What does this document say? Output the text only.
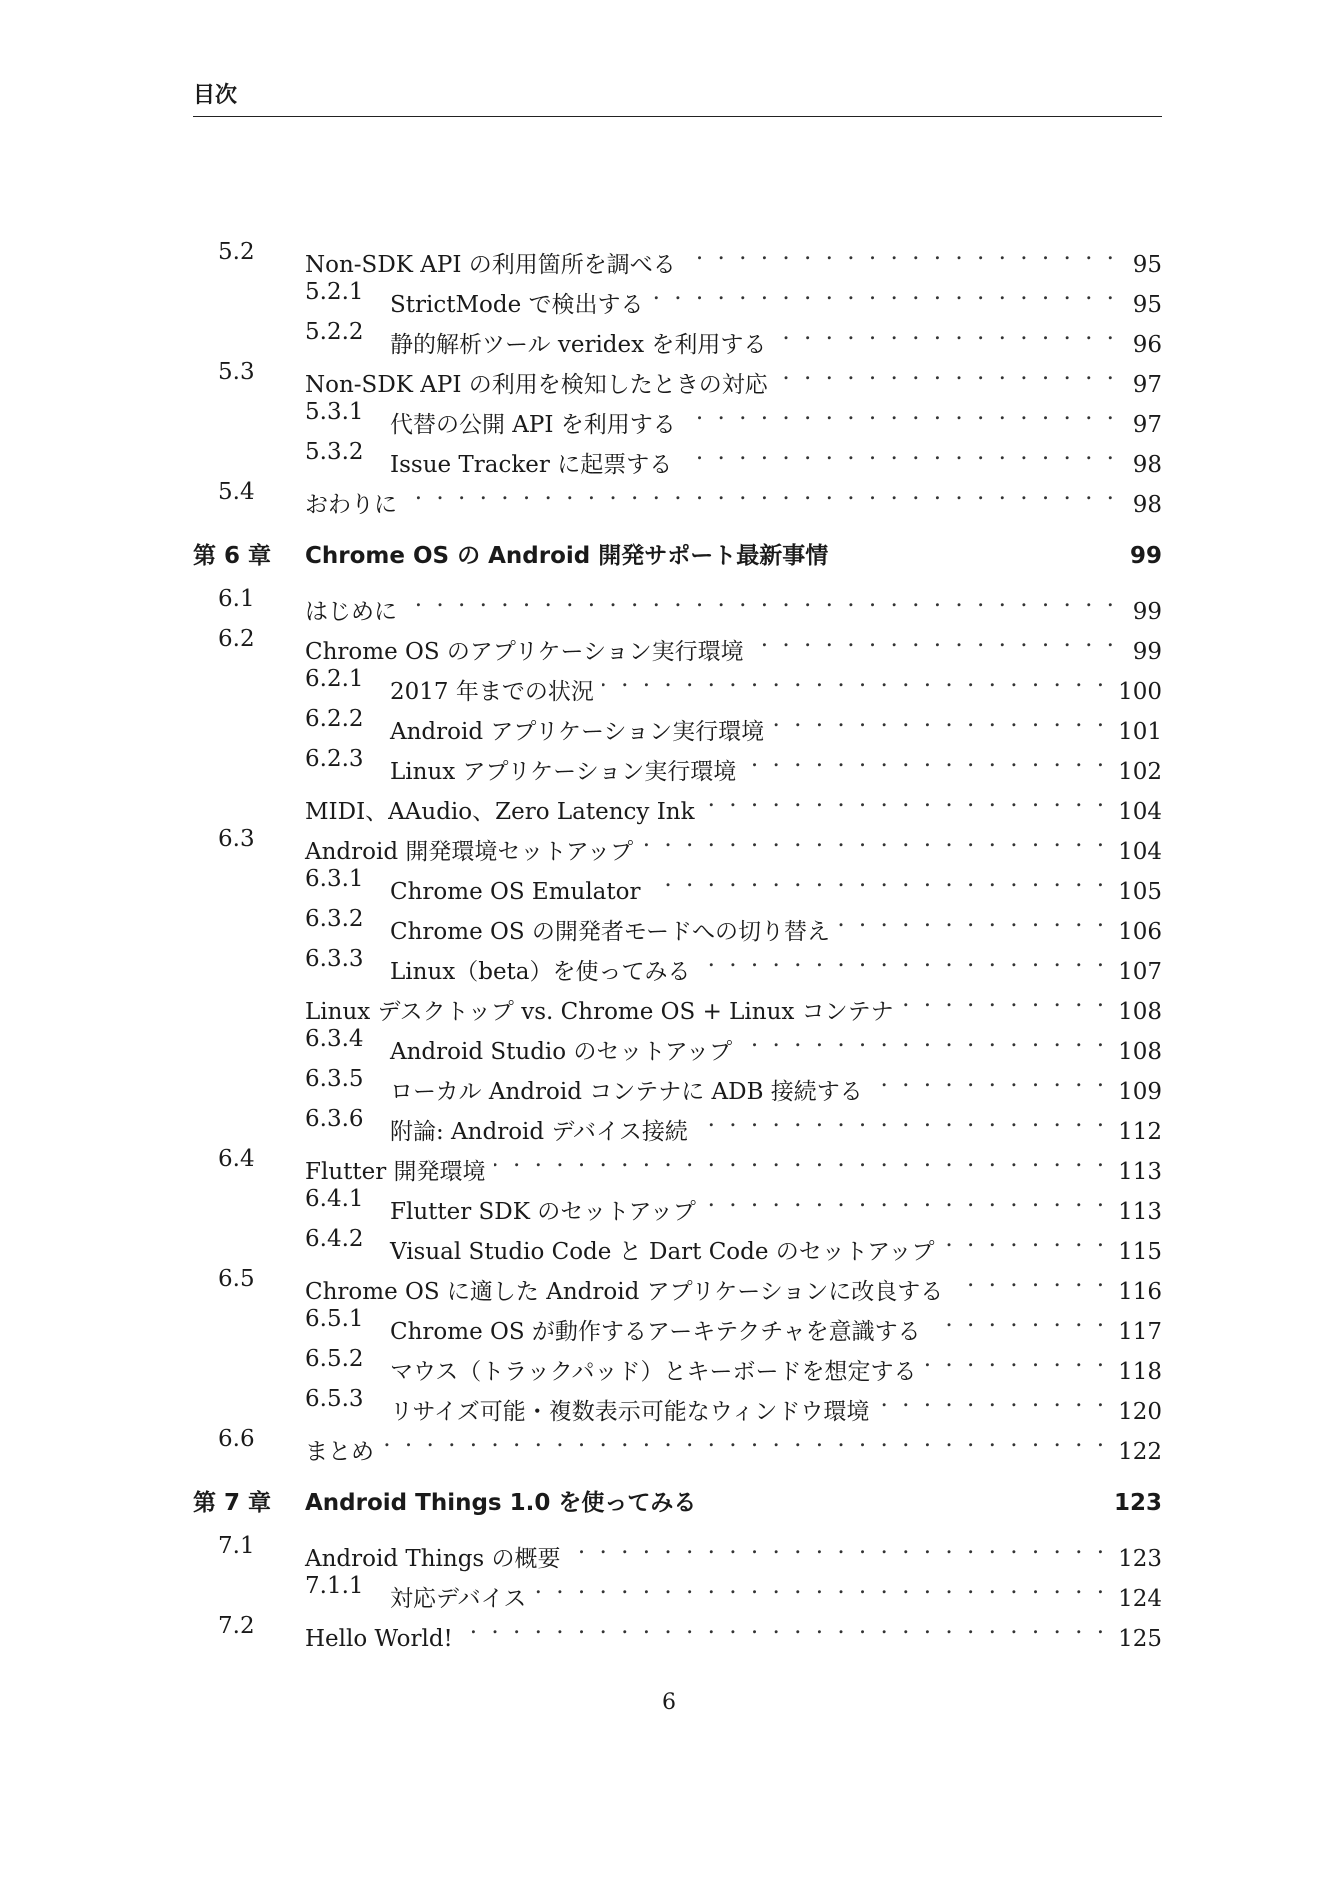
目次
5.2 Non-SDK API の利用箇所を調べる . . .	95
5.2.1 StrictMode で検出する . . .	95
5.2.2 静的解析ツール veridex を利用する . . .	96
5.3 Non-SDK API の利用を検知したときの対応 . . .	97
5.3.1 代替の公開 API を利用する . . .	97
5.3.2 Issue Tracker に起票する . . .	98
5.4 おわりに . . .	98
第 6 章 Chrome OS の Android 開発サポート最新事情	99
6.1 はじめに . . .	99
6.2 Chrome OS のアプリケーション実行環境 . . .	99
6.2.1 2017 年までの状況 . . .	100
6.2.2 Android アプリケーション実行環境 . . .	101
6.2.3 Linux アプリケーション実行環境 . . .	102
MIDI、AAudio、Zero Latency Ink . . .	104
6.3 Android 開発環境セットアップ . . .	104
6.3.1 Chrome OS Emulator . . .	105
6.3.2 Chrome OS の開発者モードへの切り替え . . .	106
6.3.3 Linux（beta）を使ってみる . . .	107
Linux デスクトップ vs. Chrome OS + Linux コンテナ . . .	108
6.3.4 Android Studio のセットアップ . . .	108
6.3.5 ローカル Android コンテナに ADB 接続する . . .	109
6.3.6 附論: Android デバイス接続 . . .	112
6.4 Flutter 開発環境 . . .	113
6.4.1 Flutter SDK のセットアップ . . .	113
6.4.2 Visual Studio Code と Dart Code のセットアップ . . .	115
6.5 Chrome OS に適した Android アプリケーションに改良する . . .	116
6.5.1 Chrome OS が動作するアーキテクチャを意識する . . .	117
6.5.2 マウス（トラックパッド）とキーボードを想定する . . .	118
6.5.3 リサイズ可能・複数表示可能なウィンドウ環境 . . .	120
6.6 まとめ . . .	122
第 7 章 Android Things 1.0 を使ってみる	123
7.1 Android Things の概要 . . .	123
7.1.1 対応デバイス . . .	124
7.2 Hello World! . . .	125
6
